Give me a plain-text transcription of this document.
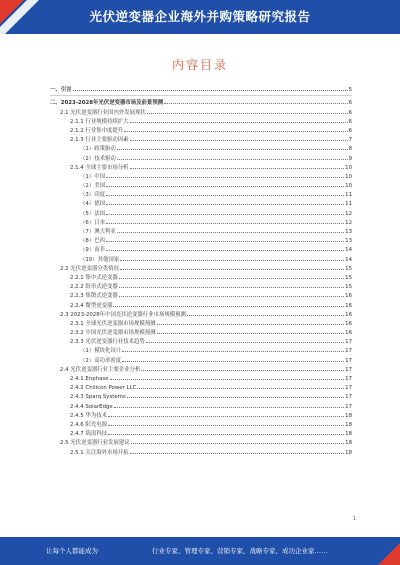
光伏逆变器企业海外并购策略研究报告
内容目录
一、引言	5
二、2023-2028年光伏逆变器市场及前景预测	6
2.1 光伏逆变器行业国内外发展现状	6
2.1.1 行业规模持续扩大	6
2.1.2 行业集中度提升	6
2.1.3 行业主要驱动因素	7
（1）政策驱动	8
（2）技术驱动	9
2.1.4 全球主要市场分析	10
（1）中国	10
（2）美国	10
（3）印度	11
（4）德国	11
（5）法国	12
（6）日本	12
（7）澳大利亚	13
（8）巴西	13
（9）南非	14
（10）其他国家	14
2.2 光伏逆变器分类情况	15
2.2.1 集中式逆变器	15
2.2.2 组串式逆变器	15
2.2.3 集散式逆变器	16
2.2.4 微型逆变器	16
2.3 2023-2028年中国光伏逆变器行业市场规模预测	16
2.3.1 全球光伏逆变器市场规模预测	16
2.3.2 中国光伏逆变器市场规模预测	16
2.3.3 光伏逆变器行业技术趋势	17
（1）模块化设计	17
（2）高功率密度	17
2.4 光伏逆变器行业主要企业分析	17
2.4.1 Enphase	17
2.4.2 Chilicon Power LLC	17
2.4.3 Sparq Systems	17
2.4.4 SolarEdge	17
2.4.5 华为技术	18
2.4.6 阳光电源	18
2.4.7 锦浪科技	18
2.5 光伏逆变器行业发展建议	18
2.5.1 关注海外市场开拓	18
1
让每个人都能成为	行业专家、管理专家、营销专家、战略专家、成功企业家……
